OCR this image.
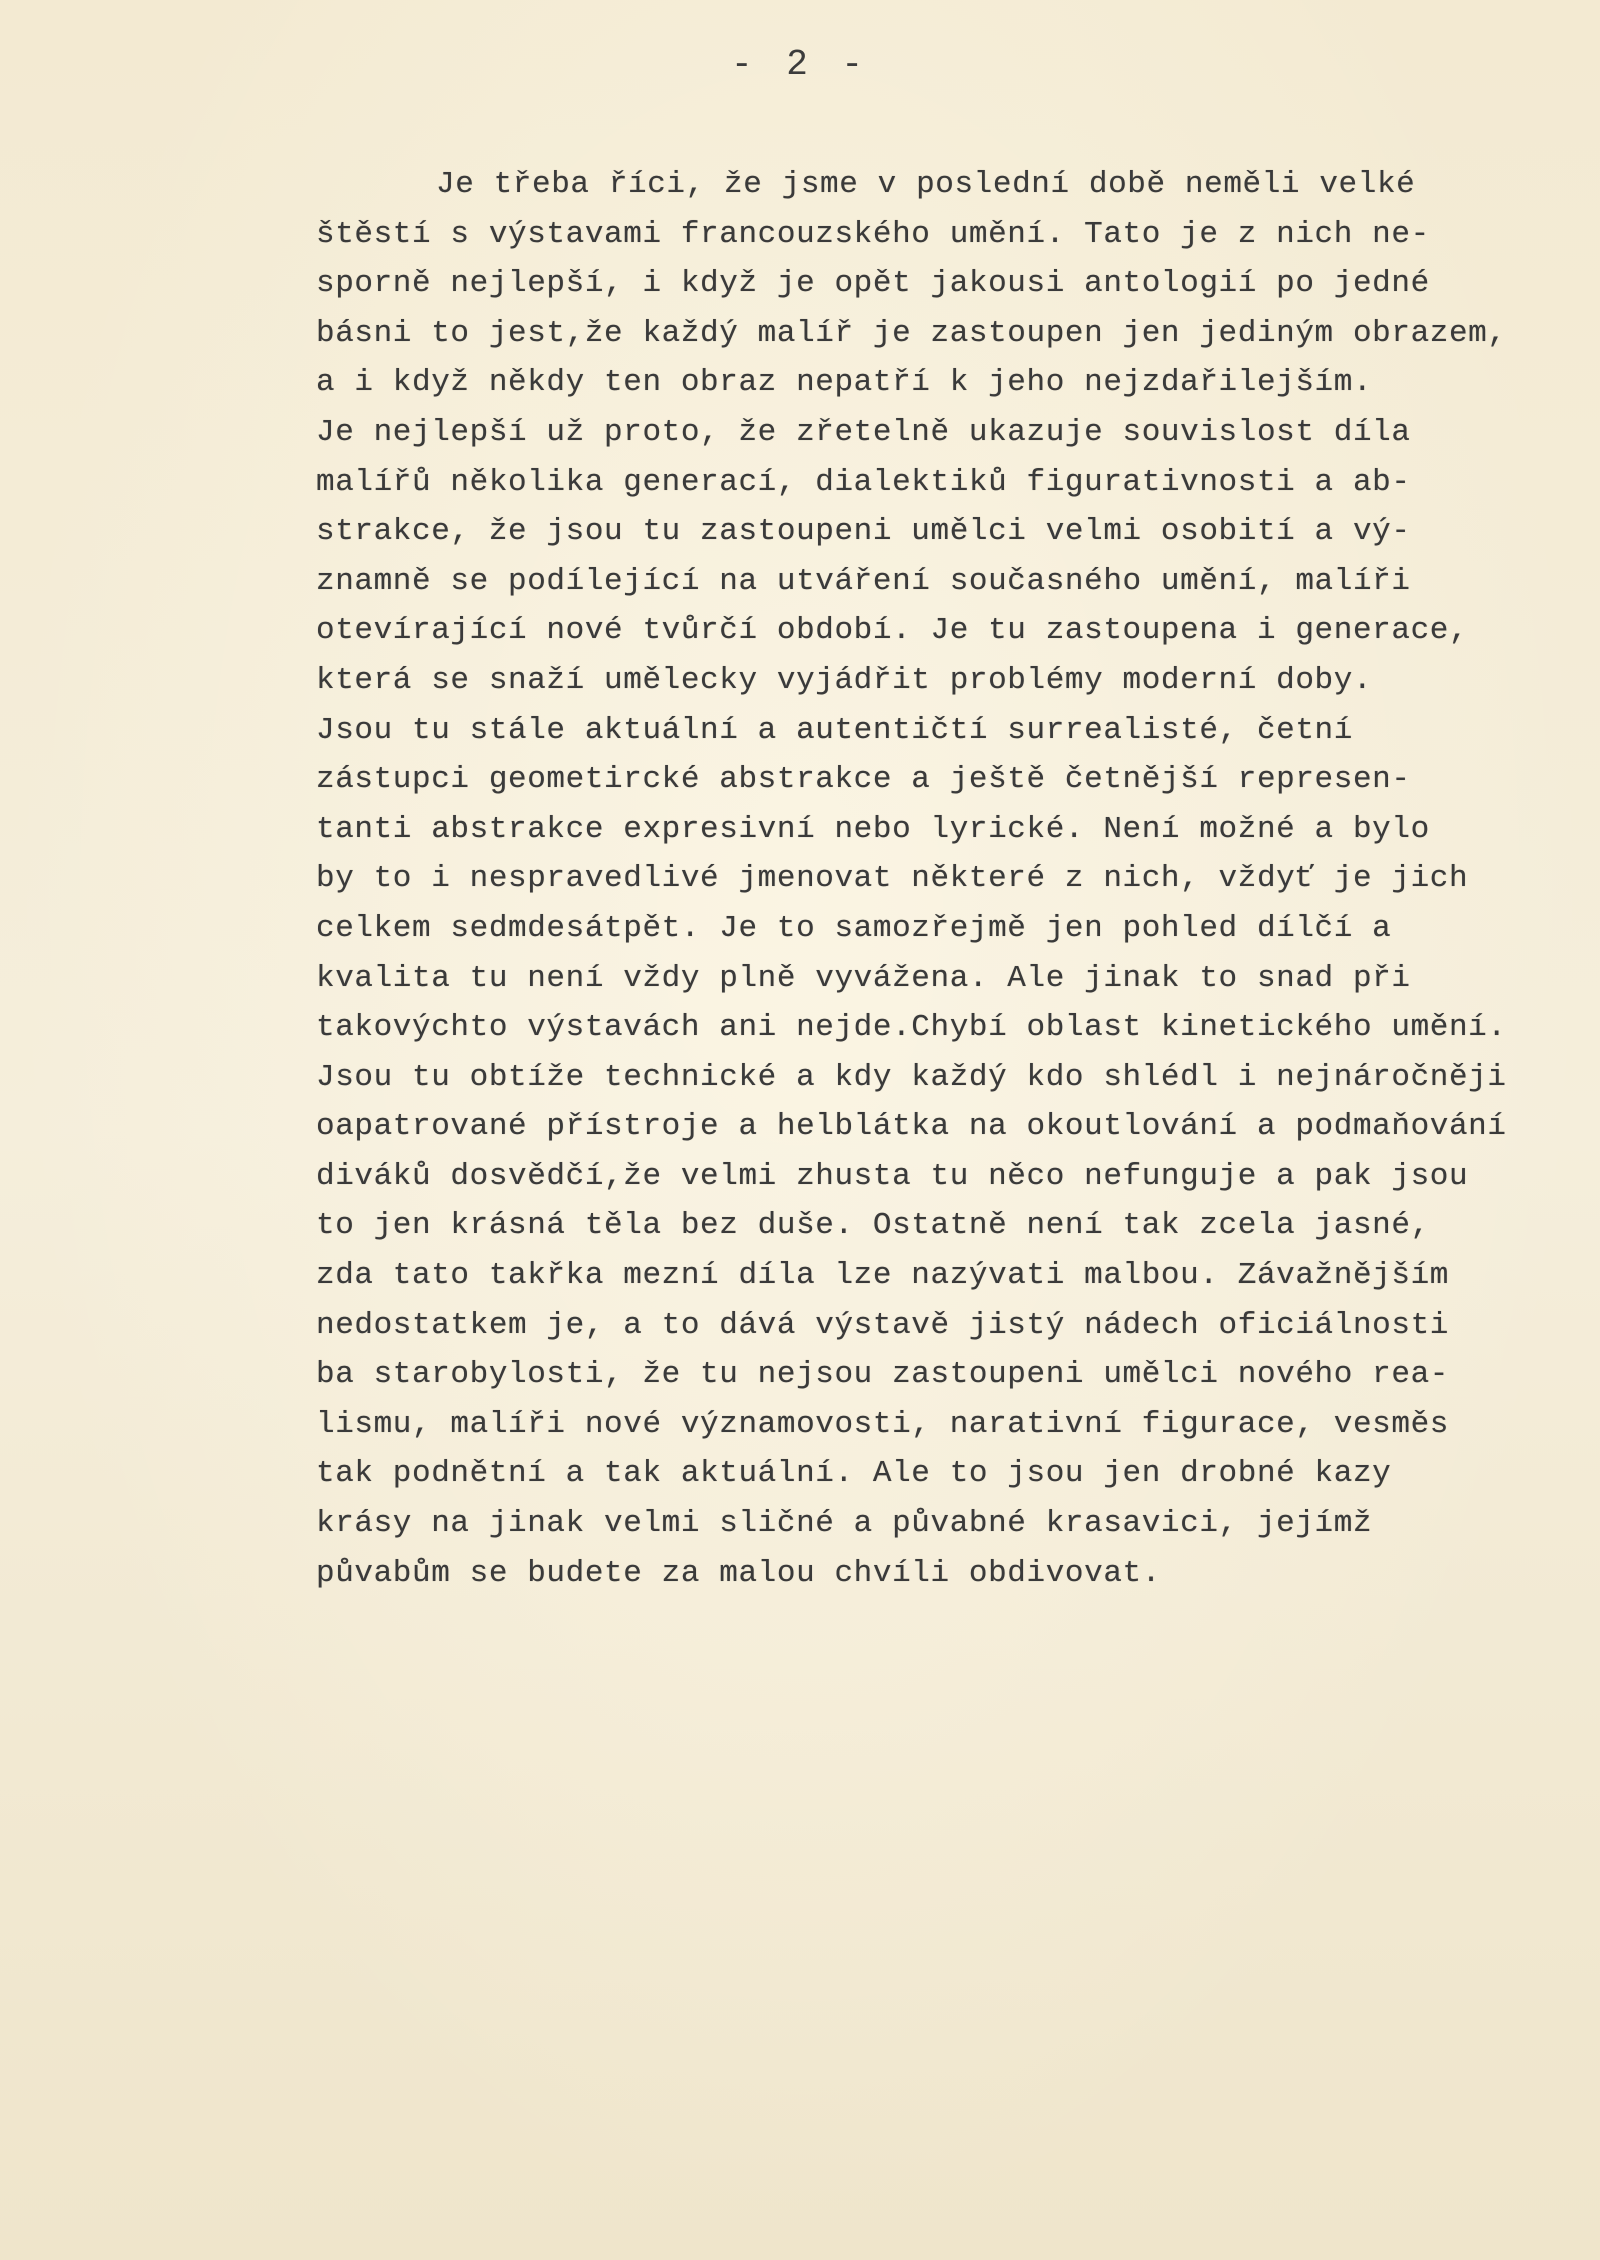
- 2 -
Je třeba říci, že jsme v poslední době neměli velké
štěstí s výstavami francouzského umění. Tato je z nich ne-
sporně nejlepší, i když je opět jakousi antologií po jedné
básni to jest,že každý malíř je zastoupen jen jediným obrazem,
a i když někdy ten obraz nepatří k jeho nejzdařilejším.
Je nejlepší už proto, že zřetelně ukazuje souvislost díla
malířů několika generací, dialektiků figurativnosti a ab-
strakce, že jsou tu zastoupeni umělci velmi osobití a vý-
znamně se podílející na utváření současného umění, malíři
otevírající nové tvůrčí období. Je tu zastoupena i generace,
která se snaží umělecky vyjádřit problémy moderní doby.
Jsou tu stále aktuální a autentičtí surrealisté, četní
zástupci geometircké abstrakce a ještě četnější represen-
tanti abstrakce expresivní nebo lyrické. Není možné a bylo
by to i nespravedlivé jmenovat některé z nich, vždyť je jich
celkem sedmdesátpět. Je to samozřejmě jen pohled dílčí a
kvalita tu není vždy plně vyvážena. Ale jinak to snad při
takovýchto výstavách ani nejde.Chybí oblast kinetického umění.
Jsou tu obtíže technické a kdy každý kdo shlédl i nejnáročněji
oapatrované přístroje a helblátka na okoutlování a podmaňování
diváků dosvědčí,že velmi zhusta tu něco nefunguje a pak jsou
to jen krásná těla bez duše. Ostatně není tak zcela jasné,
zda tato takřka mezní díla lze nazývati malbou. Závažnějším
nedostatkem je, a to dává výstavě jistý nádech oficiálnosti
ba starobylosti, že tu nejsou zastoupeni umělci nového rea-
lismu, malíři nové významovosti, narativní figurace, vesměs
tak podnětní a tak aktuální. Ale to jsou jen drobné kazy
krásy na jinak velmi sličné a půvabné krasavici, jejímž
půvabům se budete za malou chvíli obdivovat.
